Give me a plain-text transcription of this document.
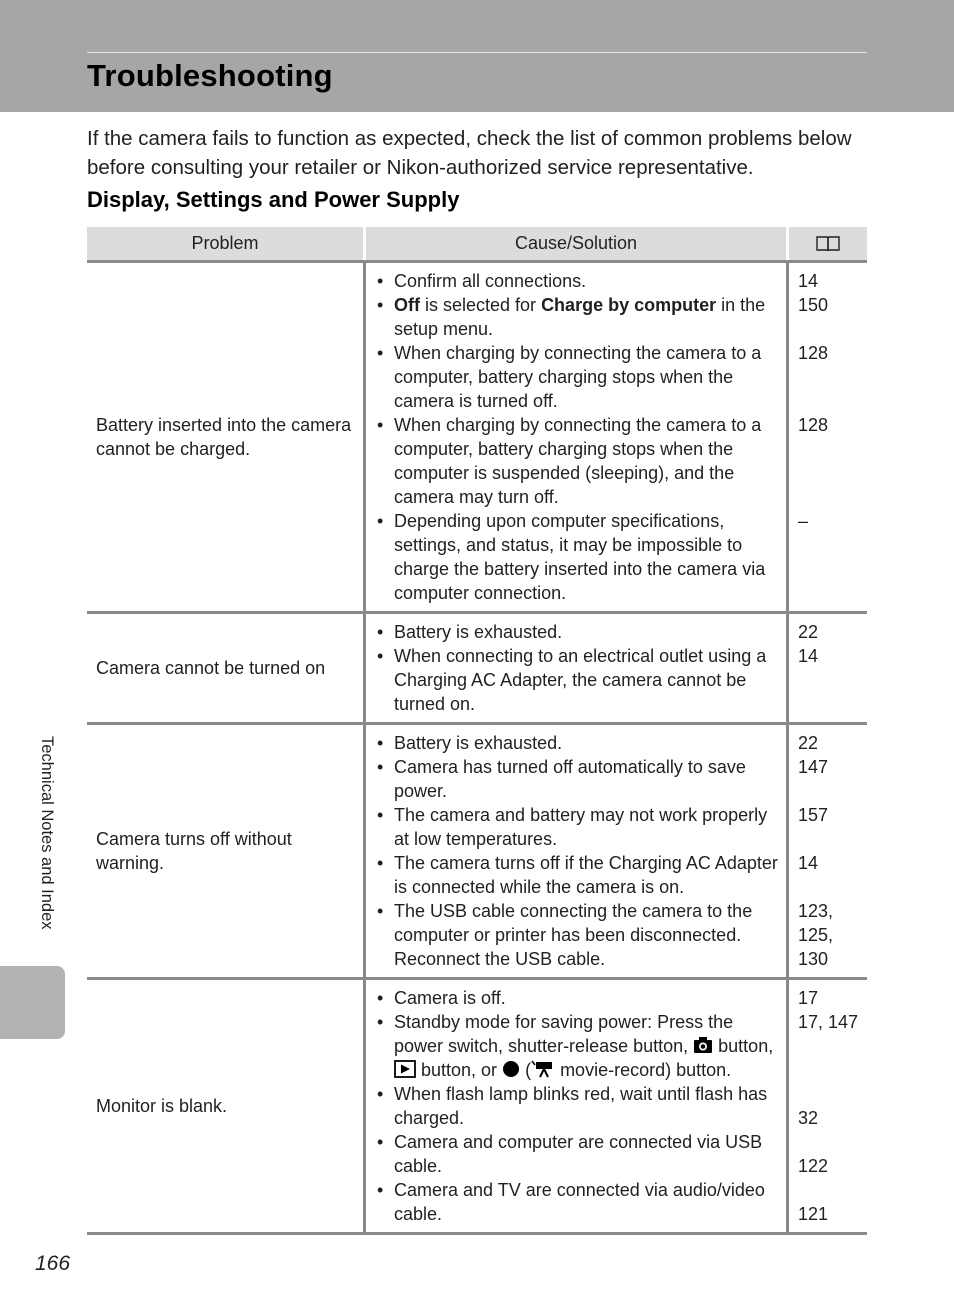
Troubleshooting

If the camera fails to function as expected, check the list of common problems below before consulting your retailer or Nikon-authorized service representative.

Display, Settings and Power Supply
Problem	Cause/Solution
Battery inserted into the camera cannot be charged.
• Confirm all connections.
• Off is selected for Charge by computer in the setup menu.
• When charging by connecting the camera to a computer, battery charging stops when the camera is turned off.
• When charging by connecting the camera to a computer, battery charging stops when the computer is suspended (sleeping), and the camera may turn off.
• Depending upon computer specifications, settings, and status, it may be impossible to charge the battery inserted into the camera via computer connection.
14
150
128
128
–
Camera cannot be turned on
• Battery is exhausted.
• When connecting to an electrical outlet using a Charging AC Adapter, the camera cannot be turned on.
22
14
Camera turns off without warning.
• Battery is exhausted.
• Camera has turned off automatically to save power.
• The camera and battery may not work properly at low temperatures.
• The camera turns off if the Charging AC Adapter is connected while the camera is on.
• The USB cable connecting the camera to the computer or printer has been disconnected. Reconnect the USB cable.
22
147
157
14
123,
125,
130
Monitor is blank.
• Camera is off.
• Standby mode for saving power: Press the power switch, shutter-release button,  button,  button, or  ( movie-record) button.
• When flash lamp blinks red, wait until flash has charged.
• Camera and computer are connected via USB cable.
• Camera and TV are connected via audio/video cable.
17
17, 147
32
122
121
Technical Notes and Index
166
